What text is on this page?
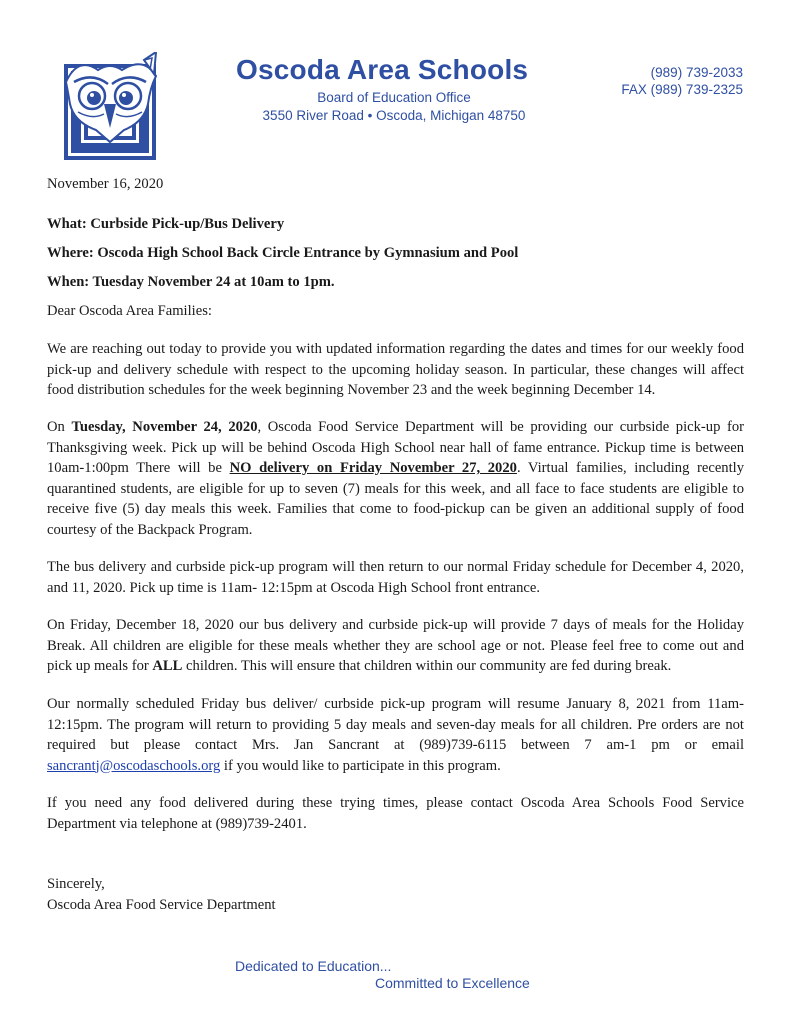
Oscoda Area Schools
Board of Education Office
3550 River Road • Oscoda, Michigan 48750
(989) 739-2033
FAX (989) 739-2325
November 16, 2020
What: Curbside Pick-up/Bus Delivery
Where: Oscoda High School Back Circle Entrance by Gymnasium and Pool
When: Tuesday November 24 at 10am to 1pm.
Dear Oscoda Area Families:
We are reaching out today to provide you with updated information regarding the dates and times for our weekly food pick-up and delivery schedule with respect to the upcoming holiday season. In particular, these changes will affect food distribution schedules for the week beginning November 23 and the week beginning December 14.
On Tuesday, November 24, 2020, Oscoda Food Service Department will be providing our curbside pick-up for Thanksgiving week. Pick up will be behind Oscoda High School near hall of fame entrance. Pickup time is between 10am-1:00pm There will be NO delivery on Friday November 27, 2020. Virtual families, including recently quarantined students, are eligible for up to seven (7) meals for this week, and all face to face students are eligible to receive five (5) day meals this week. Families that come to food-pickup can be given an additional supply of food courtesy of the Backpack Program.
The bus delivery and curbside pick-up program will then return to our normal Friday schedule for December 4, 2020, and 11, 2020. Pick up time is 11am- 12:15pm at Oscoda High School front entrance.
On Friday, December 18, 2020 our bus delivery and curbside pick-up will provide 7 days of meals for the Holiday Break. All children are eligible for these meals whether they are school age or not. Please feel free to come out and pick up meals for ALL children. This will ensure that children within our community are fed during break.
Our normally scheduled Friday bus deliver/ curbside pick-up program will resume January 8, 2021 from 11am-12:15pm. The program will return to providing 5 day meals and seven-day meals for all children. Pre orders are not required but please contact Mrs. Jan Sancrant at (989)739-6115 between 7 am-1 pm or email sancrantj@oscodaschools.org if you would like to participate in this program.
If you need any food delivered during these trying times, please contact Oscoda Area Schools Food Service Department via telephone at (989)739-2401.
Sincerely,
Oscoda Area Food Service Department
Dedicated to Education...
Committed to Excellence
